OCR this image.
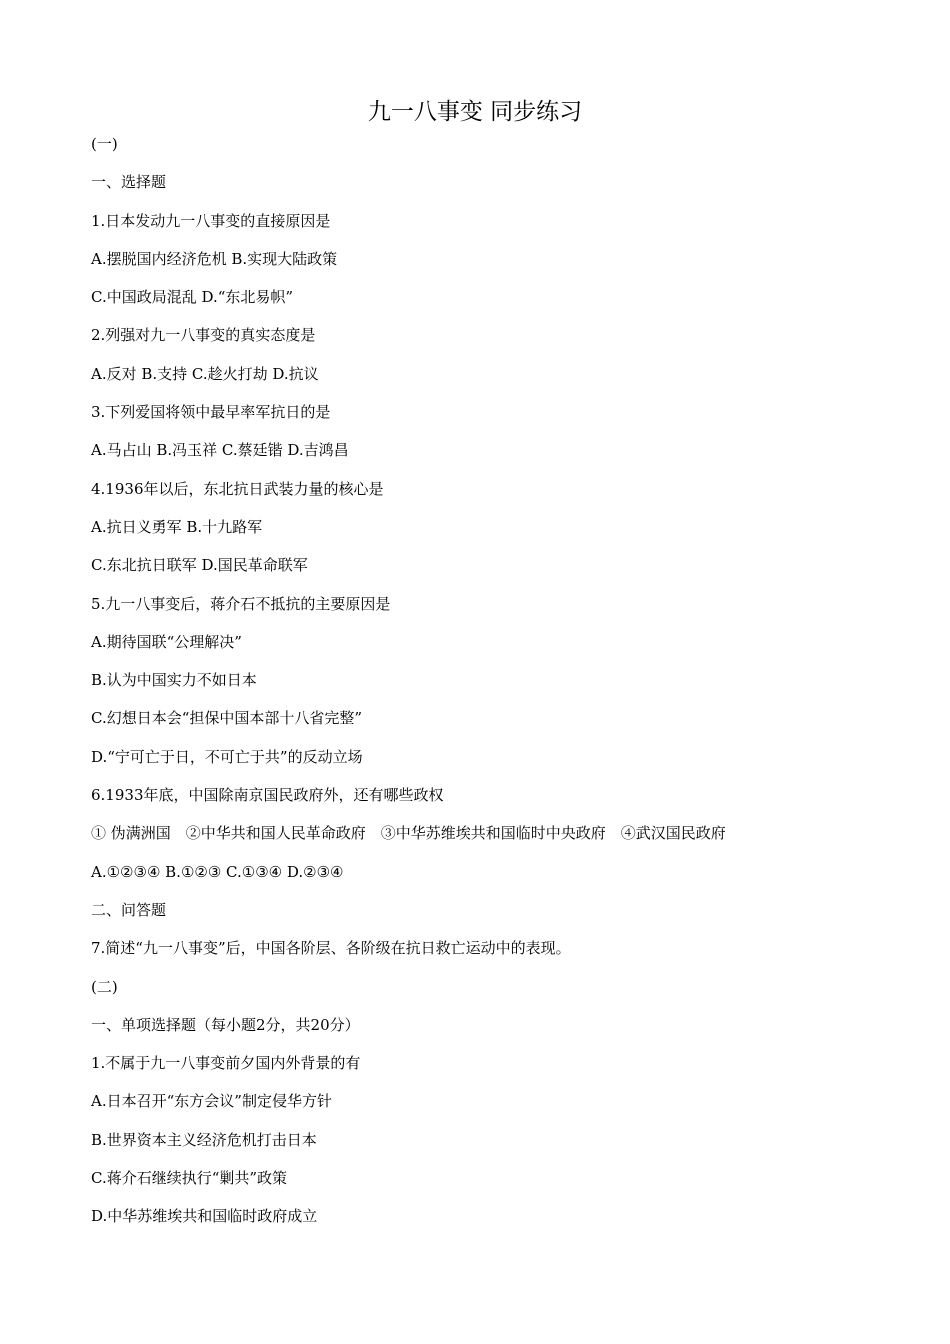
九一八事变 同步练习
(一)
一、选择题
1.日本发动九一八事变的直接原因是
A.摆脱国内经济危机 B.实现大陆政策
C.中国政局混乱 D.“东北易帜”
2.列强对九一八事变的真实态度是
A.反对 B.支持 C.趁火打劫 D.抗议
3.下列爱国将领中最早率军抗日的是
A.马占山 B.冯玉祥 C.蔡廷锴 D.吉鸿昌
4.1936年以后，东北抗日武装力量的核心是
A.抗日义勇军 B.十九路军
C.东北抗日联军 D.国民革命联军
5.九一八事变后，蒋介石不抵抗的主要原因是
A.期待国联“公理解决”
B.认为中国实力不如日本
C.幻想日本会“担保中国本部十八省完整”
D.“宁可亡于日，不可亡于共”的反动立场
6.1933年底，中国除南京国民政府外，还有哪些政权
① 伪满洲国　②中华共和国人民革命政府　③中华苏维埃共和国临时中央政府　④武汉国民政府
A.①②③④ B.①②③ C.①③④ D.②③④
二、问答题
7.简述“九一八事变”后，中国各阶层、各阶级在抗日救亡运动中的表现。
(二)
一、单项选择题（每小题2分，共20分）
1.不属于九一八事变前夕国内外背景的有
A.日本召开“东方会议”制定侵华方针
B.世界资本主义经济危机打击日本
C.蒋介石继续执行“剿共”政策
D.中华苏维埃共和国临时政府成立
